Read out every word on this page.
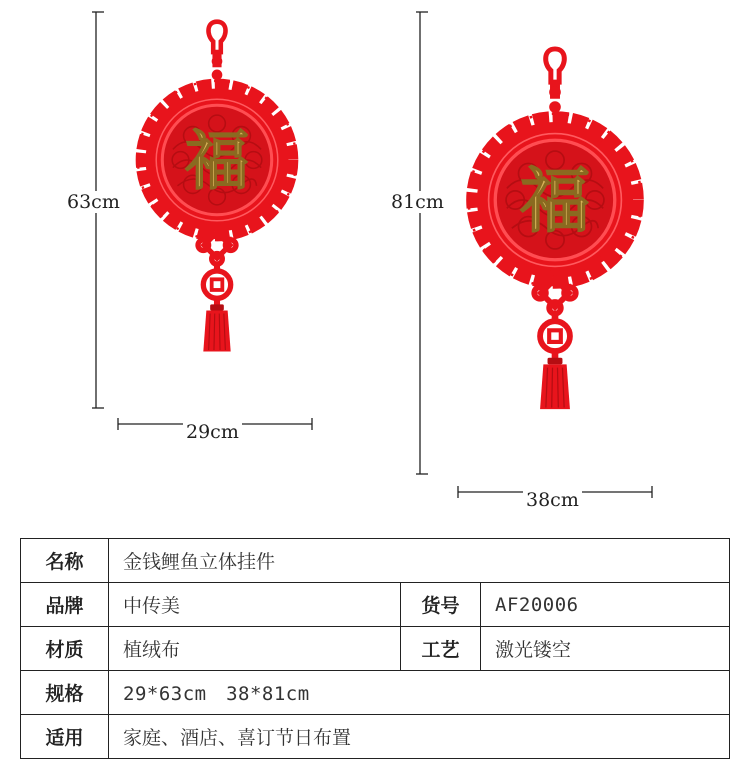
福	福
63cm
29cm
81cm
38cm
名称	金钱鲤鱼立体挂件		
品牌	中传美	货号	AF20006
材质	植绒布	工艺	激光镂空
规格	29*63cm　38*81cm		
适用	家庭、酒店、喜订节日布置		
